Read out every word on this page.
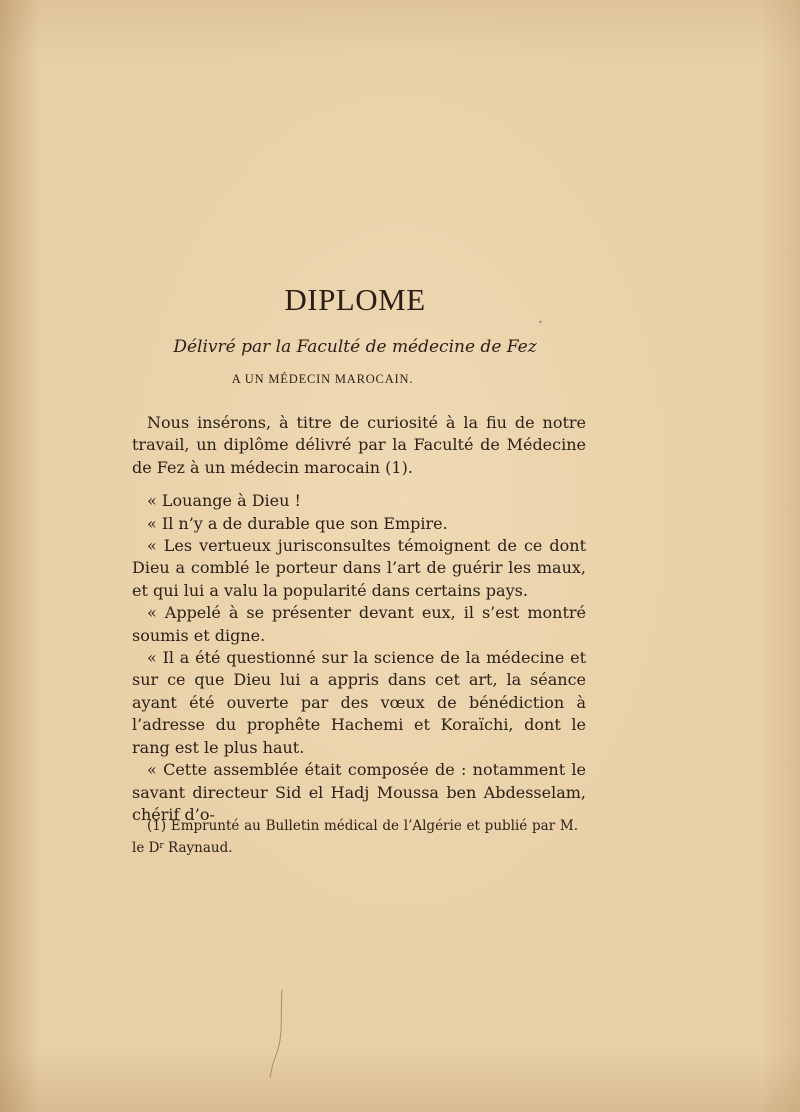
DIPLOME
Délivré par la Faculté de médecine de Fez
A UN MÉDECIN MAROCAIN.

Nous insérons, à titre de curiosité à la fiu de notre travail, un diplôme délivré par la Faculté de Médecine de Fez à un médecin marocain (1).

« Louange à Dieu !

« Il n’y a de durable que son Empire.

« Les vertueux jurisconsultes témoignent de ce dont Dieu a comblé le porteur dans l’art de guérir les maux, et qui lui a valu la popularité dans certains pays.

« Appelé à se présenter devant eux, il s’est montré soumis et digne.

« Il a été questionné sur la science de la médecine et sur ce que Dieu lui a appris dans cet art, la séance ayant été ouverte par des vœux de bénédiction à l’adresse du prophête Hachemi et Koraïchi, dont le rang est le plus haut.

« Cette assemblée était composée de : notamment le savant directeur Sid el Hadj Moussa ben Abdesselam, chérif d’o-

(1) Emprunté au Bulletin médical de l’Algérie et publié par M. le $D^r$ Raynaud.

•
